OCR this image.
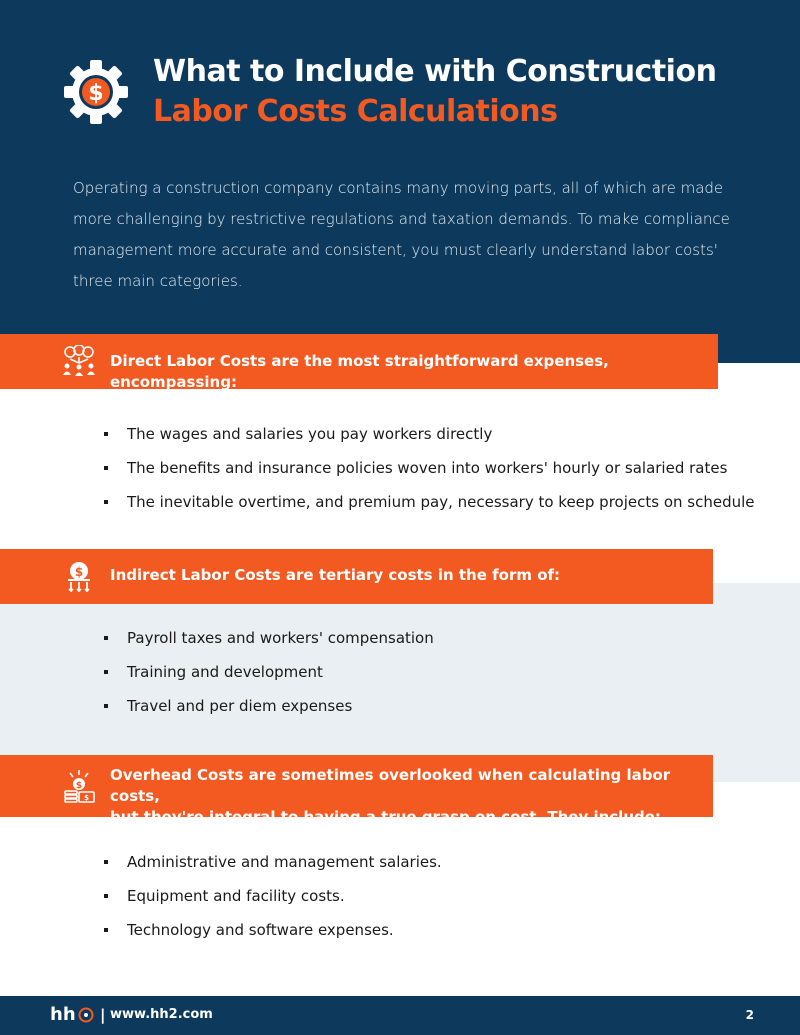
$
What to Include with Construction
Labor Costs Calculations

Operating a construction company contains many moving parts, all of which are made more challenging by restrictive regulations and taxation demands. To make compliance management more accurate and consistent, you must clearly understand labor costs' three main categories.

Direct Labor Costs are the most straightforward expenses, encompassing:
The wages and salaries you pay workers directly
The benefits and insurance policies woven into workers' hourly or salaried rates
The inevitable overtime, and premium pay, necessary to keep projects on schedule
$ Indirect Labor Costs are tertiary costs in the form of:
Payroll taxes and workers' compensation
Training and development
Travel and per diem expenses
$
$
Overhead Costs are sometimes overlooked when calculating labor costs,
but they're integral to having a true grasp on cost. They include:
Administrative and management salaries.
Equipment and facility costs.
Technology and software expenses.
hh | www.hh2.com	2
